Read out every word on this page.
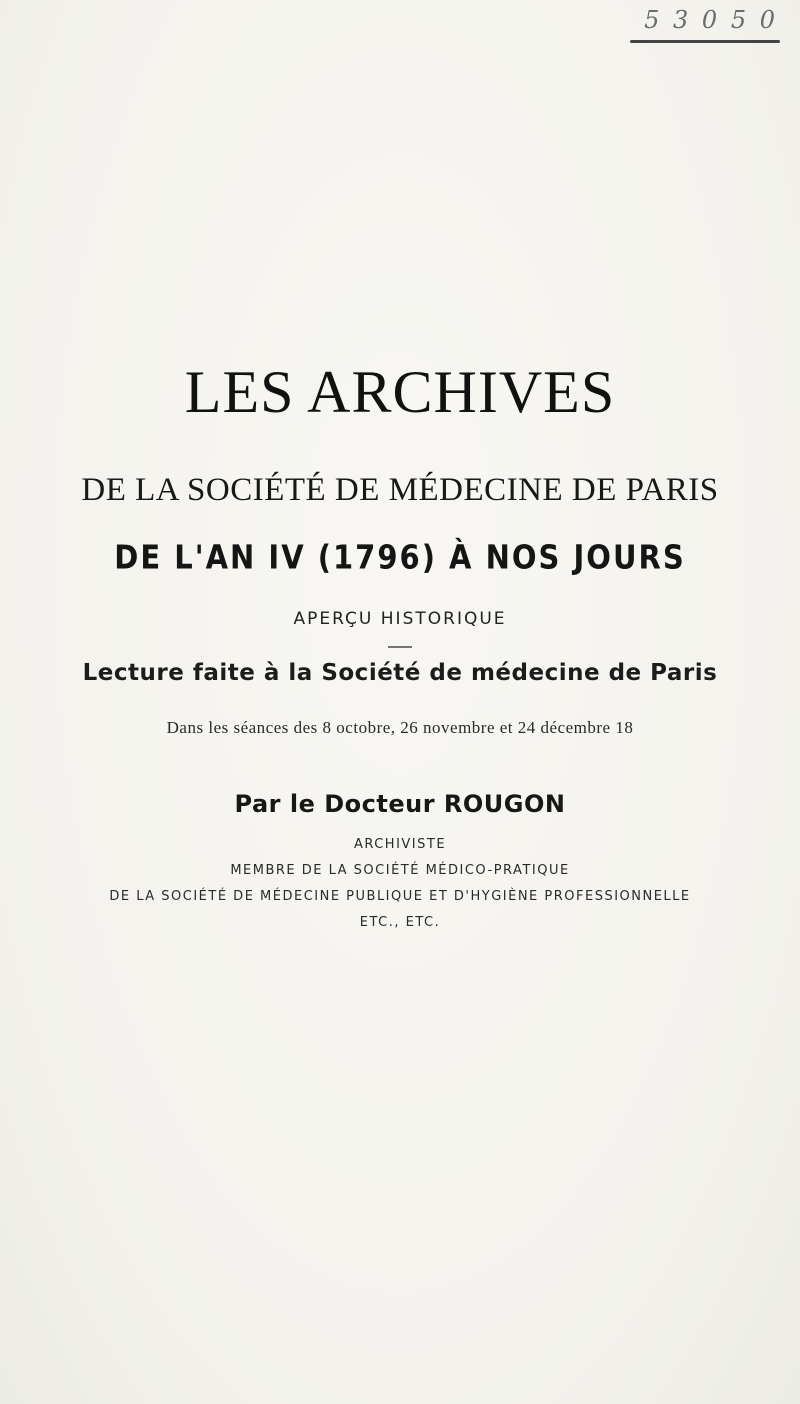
5 3 0 5 0
LES ARCHIVES
DE LA SOCIÉTÉ DE MÉDECINE DE PARIS
DE L'AN IV (1796) À NOS JOURS
APERÇU HISTORIQUE
Lecture faite à la Société de médecine de Paris
Dans les séances des 8 octobre, 26 novembre et 24 décembre 18
Par le Docteur ROUGON
ARCHIVISTE
MEMBRE DE LA SOCIÉTÉ MÉDICO-PRATIQUE
DE LA SOCIÉTÉ DE MÉDECINE PUBLIQUE ET D'HYGIÈNE PROFESSIONNELLE
ETC., ETC.
